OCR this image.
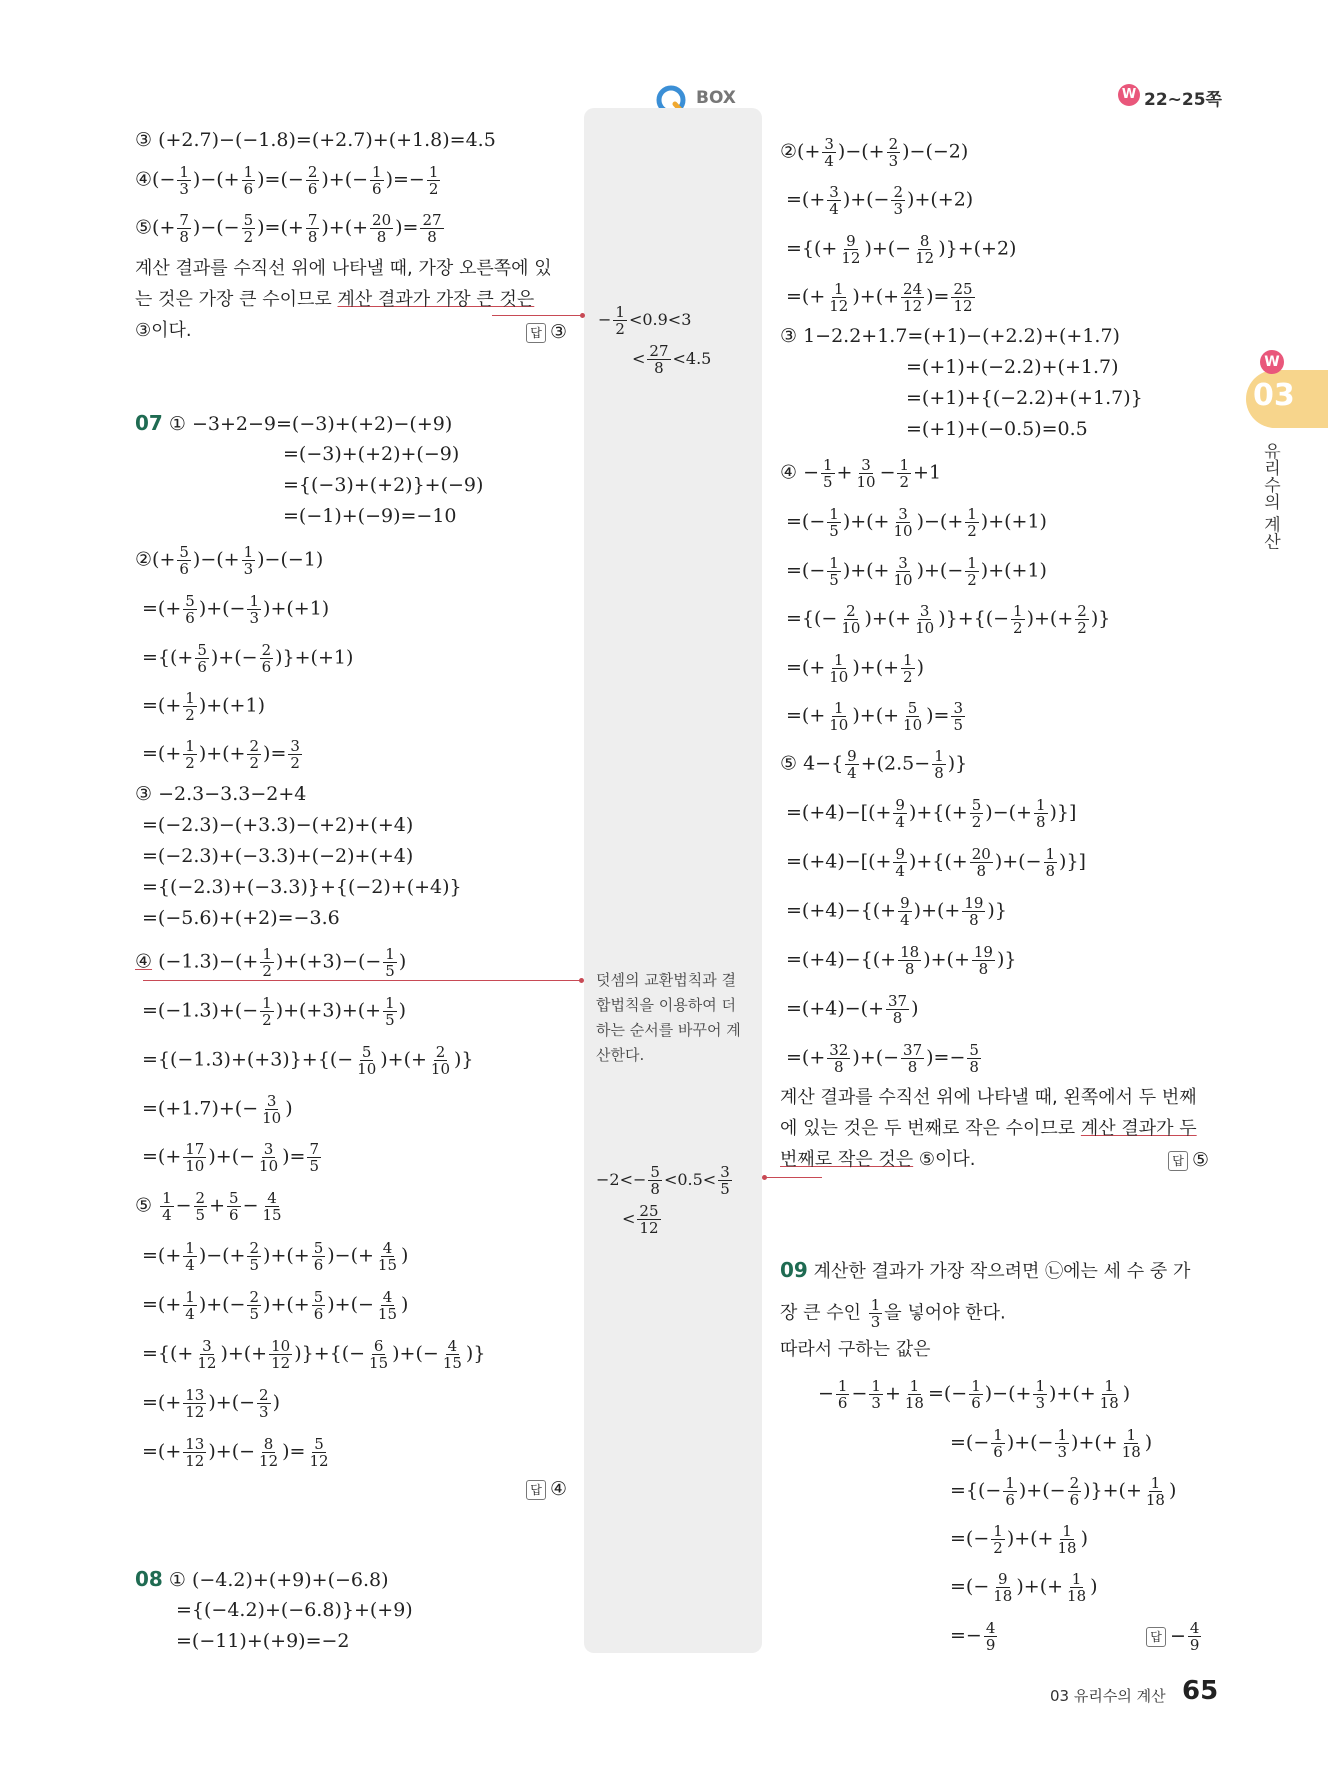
BOX	W 22~25쪽
W
03
유리수의 계산
③ (+2.7)−(−1.8)=(+2.7)+(+1.8)=4.5
④(− $\frac{1}{3}$ )−(+ $\frac{1}{6}$ )=(− $\frac{2}{6}$ )+(− $\frac{1}{6}$ )=− $\frac{1}{2}$
⑤(+ $\frac{7}{8}$ )−(− $\frac{5}{2}$ )=(+ $\frac{7}{8}$ )+(+ $\frac{20}{8}$ )= $\frac{27}{8}$
계산 결과를 수직선 위에 나타낼 때, 가장 오른쪽에 있
는 것은 가장 큰 수이므로 계산 결과가 가장 큰 것은
③이다.	답 ③
07 ① −3+2−9=(−3)+(+2)−(+9)
=(−3)+(+2)+(−9)
={(−3)+(+2)}+(−9)
=(−1)+(−9)=−10
②(+ $\frac{5}{6}$ )−(+ $\frac{1}{3} )-(-1)$
=(+ $\frac{5}{6}$ )+(− $\frac{1}{3} )+(+1)$
={(+ $\frac{5}{6}$ )+(− $\frac{2}{6} )\}+(+1)$
=(+ $\frac{1}{2} )+(+1)$
=(+ $\frac{1}{2}$ )+(+ $\frac{2}{2}$ )= $\frac{3}{2}$
③ −2.3−3.3−2+4
=(−2.3)−(+3.3)−(+2)+(+4)
=(−2.3)+(−3.3)+(−2)+(+4)
={(−2.3)+(−3.3)}+{(−2)+(+4)}
=(−5.6)+(+2)=−3.6
④ $(-1.3)-(+ \frac{1}{2} )+(+3)-(- \frac{1}{5}$ )
$=(-1.3)+(- \frac{1}{2} )+(+3)+(+ \frac{1}{5}$ )
$=\{(-1.3)+(+3)\}+\{(- \frac{5}{10}$ )+(+ $\frac{2}{10}$ )}
$=(+1.7)+(- \frac{3}{10}$ )
=(+ $\frac{17}{10}$ )+(− $\frac{3}{10}$ )= $\frac{7}{5}$
⑤ $\frac{1}{4} - \frac{2}{5} + \frac{5}{6} - \frac{4}{15}$
=(+ $\frac{1}{4}$ )−(+ $\frac{2}{5}$ )+(+ $\frac{5}{6}$ )−(+ $\frac{4}{15}$ )
=(+ $\frac{1}{4}$ )+(− $\frac{2}{5}$ )+(+ $\frac{5}{6}$ )+(− $\frac{4}{15}$ )
={(+ $\frac{3}{12}$ )+(+ $\frac{10}{12}$ )}+{(− $\frac{6}{15}$ )+(− $\frac{4}{15}$ )}
=(+ $\frac{13}{12}$ )+(− $\frac{2}{3}$ )
=(+ $\frac{13}{12}$ )+(− $\frac{8}{12}$ )= $\frac{5}{12}$
답 ④
08 ① (−4.2)+(+9)+(−6.8)
={(−4.2)+(−6.8)}+(+9)
=(−11)+(+9)=−2
− $\frac{1}{2} <0.9<3$
< $\frac{27}{8} <4.5$
덧셈의 교환법칙과 결
합법칙을 이용하여 더
하는 순서를 바꾸어 계
산한다.
$-2<- \frac{5}{8} <0.5< \frac{3}{5}$
< $\frac{25}{12}$
②(+ $\frac{3}{4}$ )−(+ $\frac{2}{3} )-(-2)$
=(+ $\frac{3}{4}$ )+(− $\frac{2}{3} )+(+2)$
={(+ $\frac{9}{12}$ )+(− $\frac{8}{12} )\}+(+2)$
=(+ $\frac{1}{12}$ )+(+ $\frac{24}{12}$ )= $\frac{25}{12}$
③ 1−2.2+1.7=(+1)−(+2.2)+(+1.7)
=(+1)+(−2.2)+(+1.7)
=(+1)+{(−2.2)+(+1.7)}
=(+1)+(−0.5)=0.5
④ − $\frac{1}{5} + \frac{3}{10} - \frac{1}{2} +1$
=(− $\frac{1}{5}$ )+(+ $\frac{3}{10}$ )−(+ $\frac{1}{2} )+(+1)$
=(− $\frac{1}{5}$ )+(+ $\frac{3}{10}$ )+(− $\frac{1}{2} )+(+1)$
={(− $\frac{2}{10}$ )+(+ $\frac{3}{10}$ )}+{(− $\frac{1}{2}$ )+(+ $\frac{2}{2}$ )}
=(+ $\frac{1}{10}$ )+(+ $\frac{1}{2}$ )
=(+ $\frac{1}{10}$ )+(+ $\frac{5}{10}$ )= $\frac{3}{5}$
⑤ $4-\{ \frac{9}{4} +(2.5- \frac{1}{8}$ )}
$=(+4)-[(+ \frac{9}{4}$ )+{(+ $\frac{5}{2}$ )−(+ $\frac{1}{8}$ )}]
$=(+4)-[(+ \frac{9}{4}$ )+{(+ $\frac{20}{8}$ )+(− $\frac{1}{8}$ )}]
$=(+4)-\{(+ \frac{9}{4}$ )+(+ $\frac{19}{8}$ )}
$=(+4)-\{(+ \frac{18}{8}$ )+(+ $\frac{19}{8}$ )}
$=(+4)-(+ \frac{37}{8}$ )
=(+ $\frac{32}{8}$ )+(− $\frac{37}{8}$ )=− $\frac{5}{8}$
계산 결과를 수직선 위에 나타낼 때, 왼쪽에서 두 번째
에 있는 것은 두 번째로 작은 수이므로 계산 결과가 두
번째로 작은 것은 ⑤이다.	답 ⑤
09 계산한 결과가 가장 작으려면 ㉡에는 세 수 중 가
장 큰 수인 $\frac{1}{3}$ 을 넣어야 한다.
따라서 구하는 값은
− $\frac{1}{6} - \frac{1}{3} + \frac{1}{18}$ =(− $\frac{1}{6}$ )−(+ $\frac{1}{3}$ )+(+ $\frac{1}{18}$ )
=(− $\frac{1}{6}$ )+(− $\frac{1}{3}$ )+(+ $\frac{1}{18}$ )
={(− $\frac{1}{6}$ )+(− $\frac{2}{6}$ )}+(+ $\frac{1}{18}$ )
=(− $\frac{1}{2}$ )+(+ $\frac{1}{18}$ )
=(− $\frac{9}{18}$ )+(+ $\frac{1}{18}$ )
=− $\frac{4}{9}$	답 − $\frac{4}{9}$
03 유리수의 계산 65
